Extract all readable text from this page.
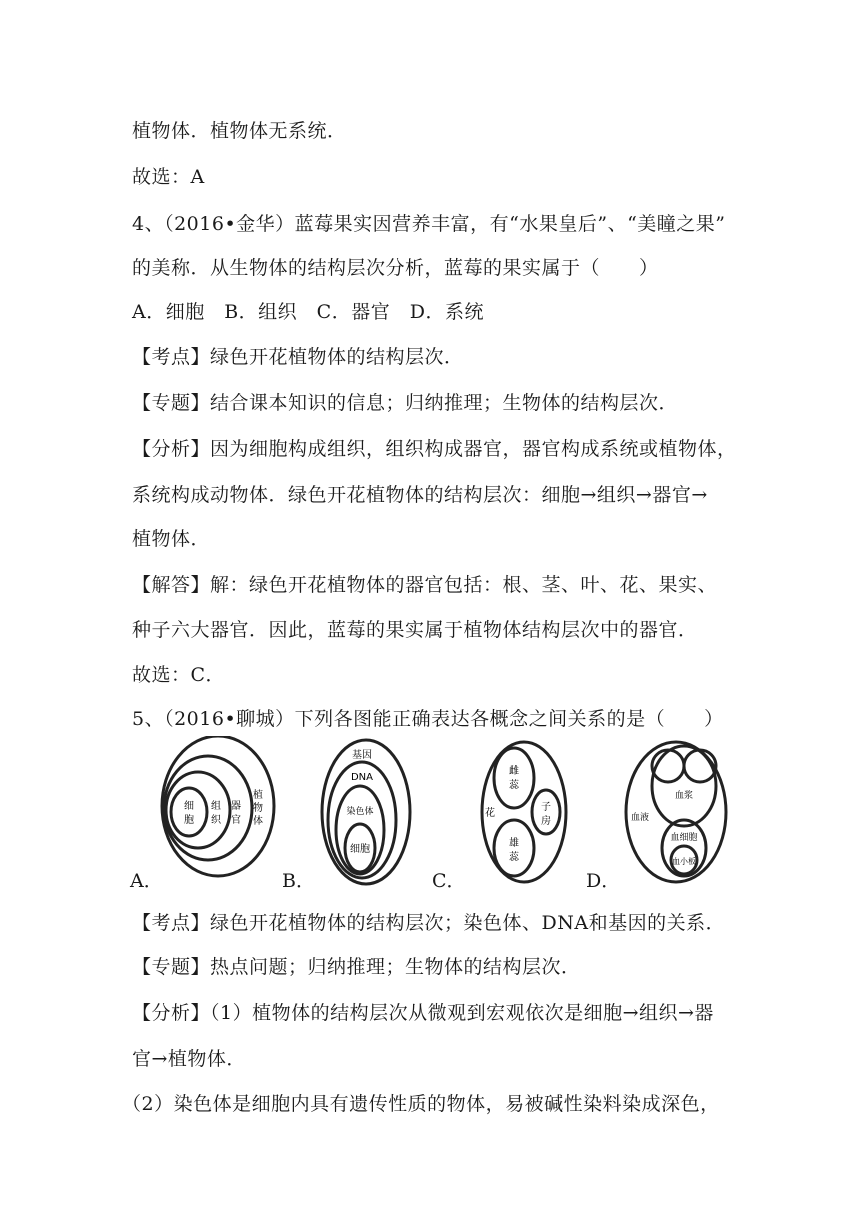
植物体．植物体无系统．
故选：A
4、（2016•金华）蓝莓果实因营养丰富，有“水果皇后”、“美瞳之果”
的美称．从生物体的结构层次分析，蓝莓的果实属于（　　）
A．细胞　B．组织　C．器官　D．系统
【考点】绿色开花植物体的结构层次．
【专题】结合课本知识的信息；归纳推理；生物体的结构层次．
【分析】因为细胞构成组织，组织构成器官，器官构成系统或植物体，
系统构成动物体．绿色开花植物体的结构层次：细胞→组织→器官→
植物体．
【解答】解：绿色开花植物体的器官包括：根、茎、叶、花、果实、
种子六大器官．因此，蓝莓的果实属于植物体结构层次中的器官．
故选：C．
5、（2016•聊城）下列各图能正确表达各概念之间关系的是（　　）
A．
细
胞
组
织
器
官
植
物
体
B．
基因
DNA
染色体
细胞
C．
花
雌
蕊
雄
蕊
子
房
D．
血液
血浆
血细胞
血小板
【考点】绿色开花植物体的结构层次；染色体、DNA和基因的关系．
【专题】热点问题；归纳推理；生物体的结构层次．
【分析】（1）植物体的结构层次从微观到宏观依次是细胞→组织→器
官→植物体．
（2）染色体是细胞内具有遗传性质的物体，易被碱性染料染成深色，
